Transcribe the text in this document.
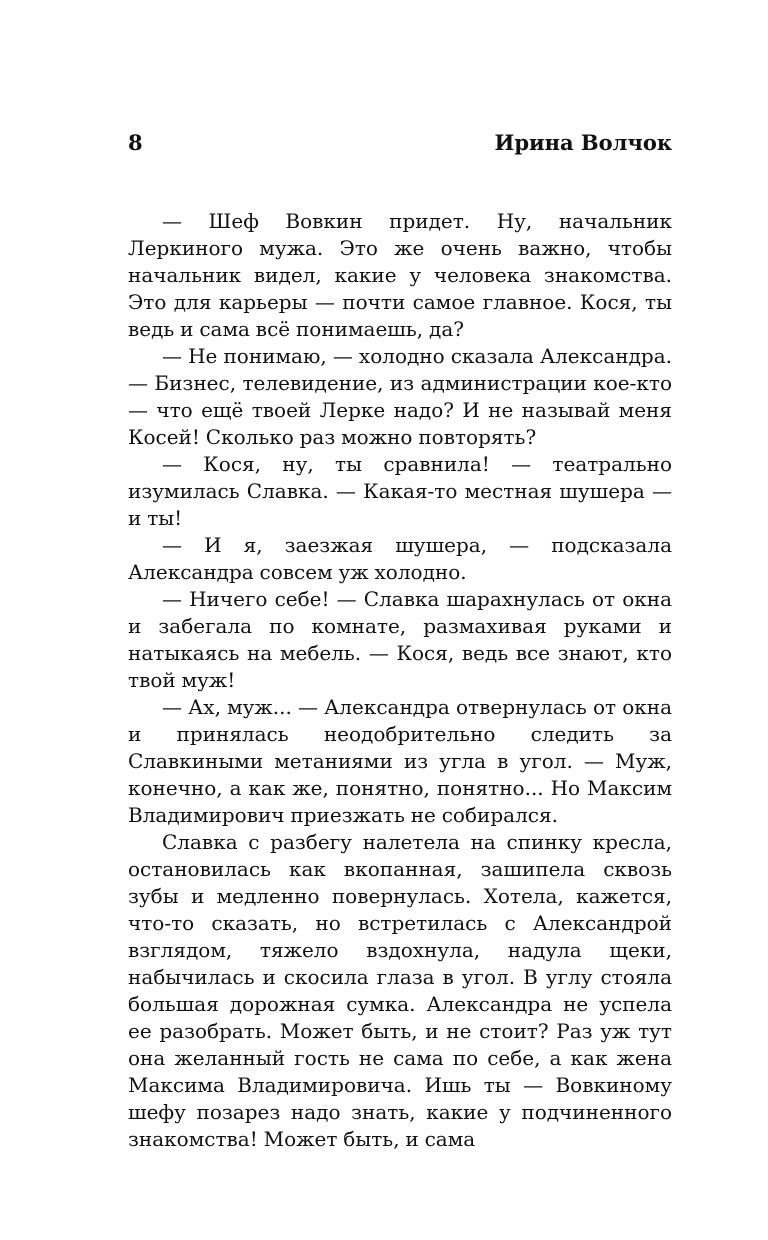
8	Ирина Волчок

— Шеф Вовкин придет. Ну, начальник Леркиного мужа. Это же очень важно, чтобы начальник видел, какие у человека знакомства. Это для карьеры — почти самое главное. Кося, ты ведь и сама всё понимаешь, да?

— Не понимаю, — холодно сказала Александра. — Бизнес, телевидение, из администрации кое-кто — что ещё твоей Лерке надо? И не называй меня Косей! Сколько раз можно повторять?

— Кося, ну, ты сравнила! — театрально изумилась Славка. — Какая-то местная шушера — и ты!

— И я, заезжая шушера, — подсказала Александра совсем уж холодно.

— Ничего себе! — Славка шарахнулась от окна и забегала по комнате, размахивая руками и натыкаясь на мебель. — Кося, ведь все знают, кто твой муж!

— Ах, муж... — Александра отвернулась от окна и принялась неодобрительно следить за Славкиными метаниями из угла в угол. — Муж, конечно, а как же, понятно, понятно... Но Максим Владимирович приезжать не собирался.

Славка с разбегу налетела на спинку кресла, остановилась как вкопанная, зашипела сквозь зубы и медленно повернулась. Хотела, кажется, что-то сказать, но встретилась с Александрой взглядом, тяжело вздохнула, надула щеки, набычилась и скосила глаза в угол. В углу стояла большая дорожная сумка. Александра не успела ее разобрать. Может быть, и не стоит? Раз уж тут она желанный гость не сама по себе, а как жена Максима Владимировича. Ишь ты — Вовкиному шефу позарез надо знать, какие у подчиненного знакомства! Может быть, и сама
